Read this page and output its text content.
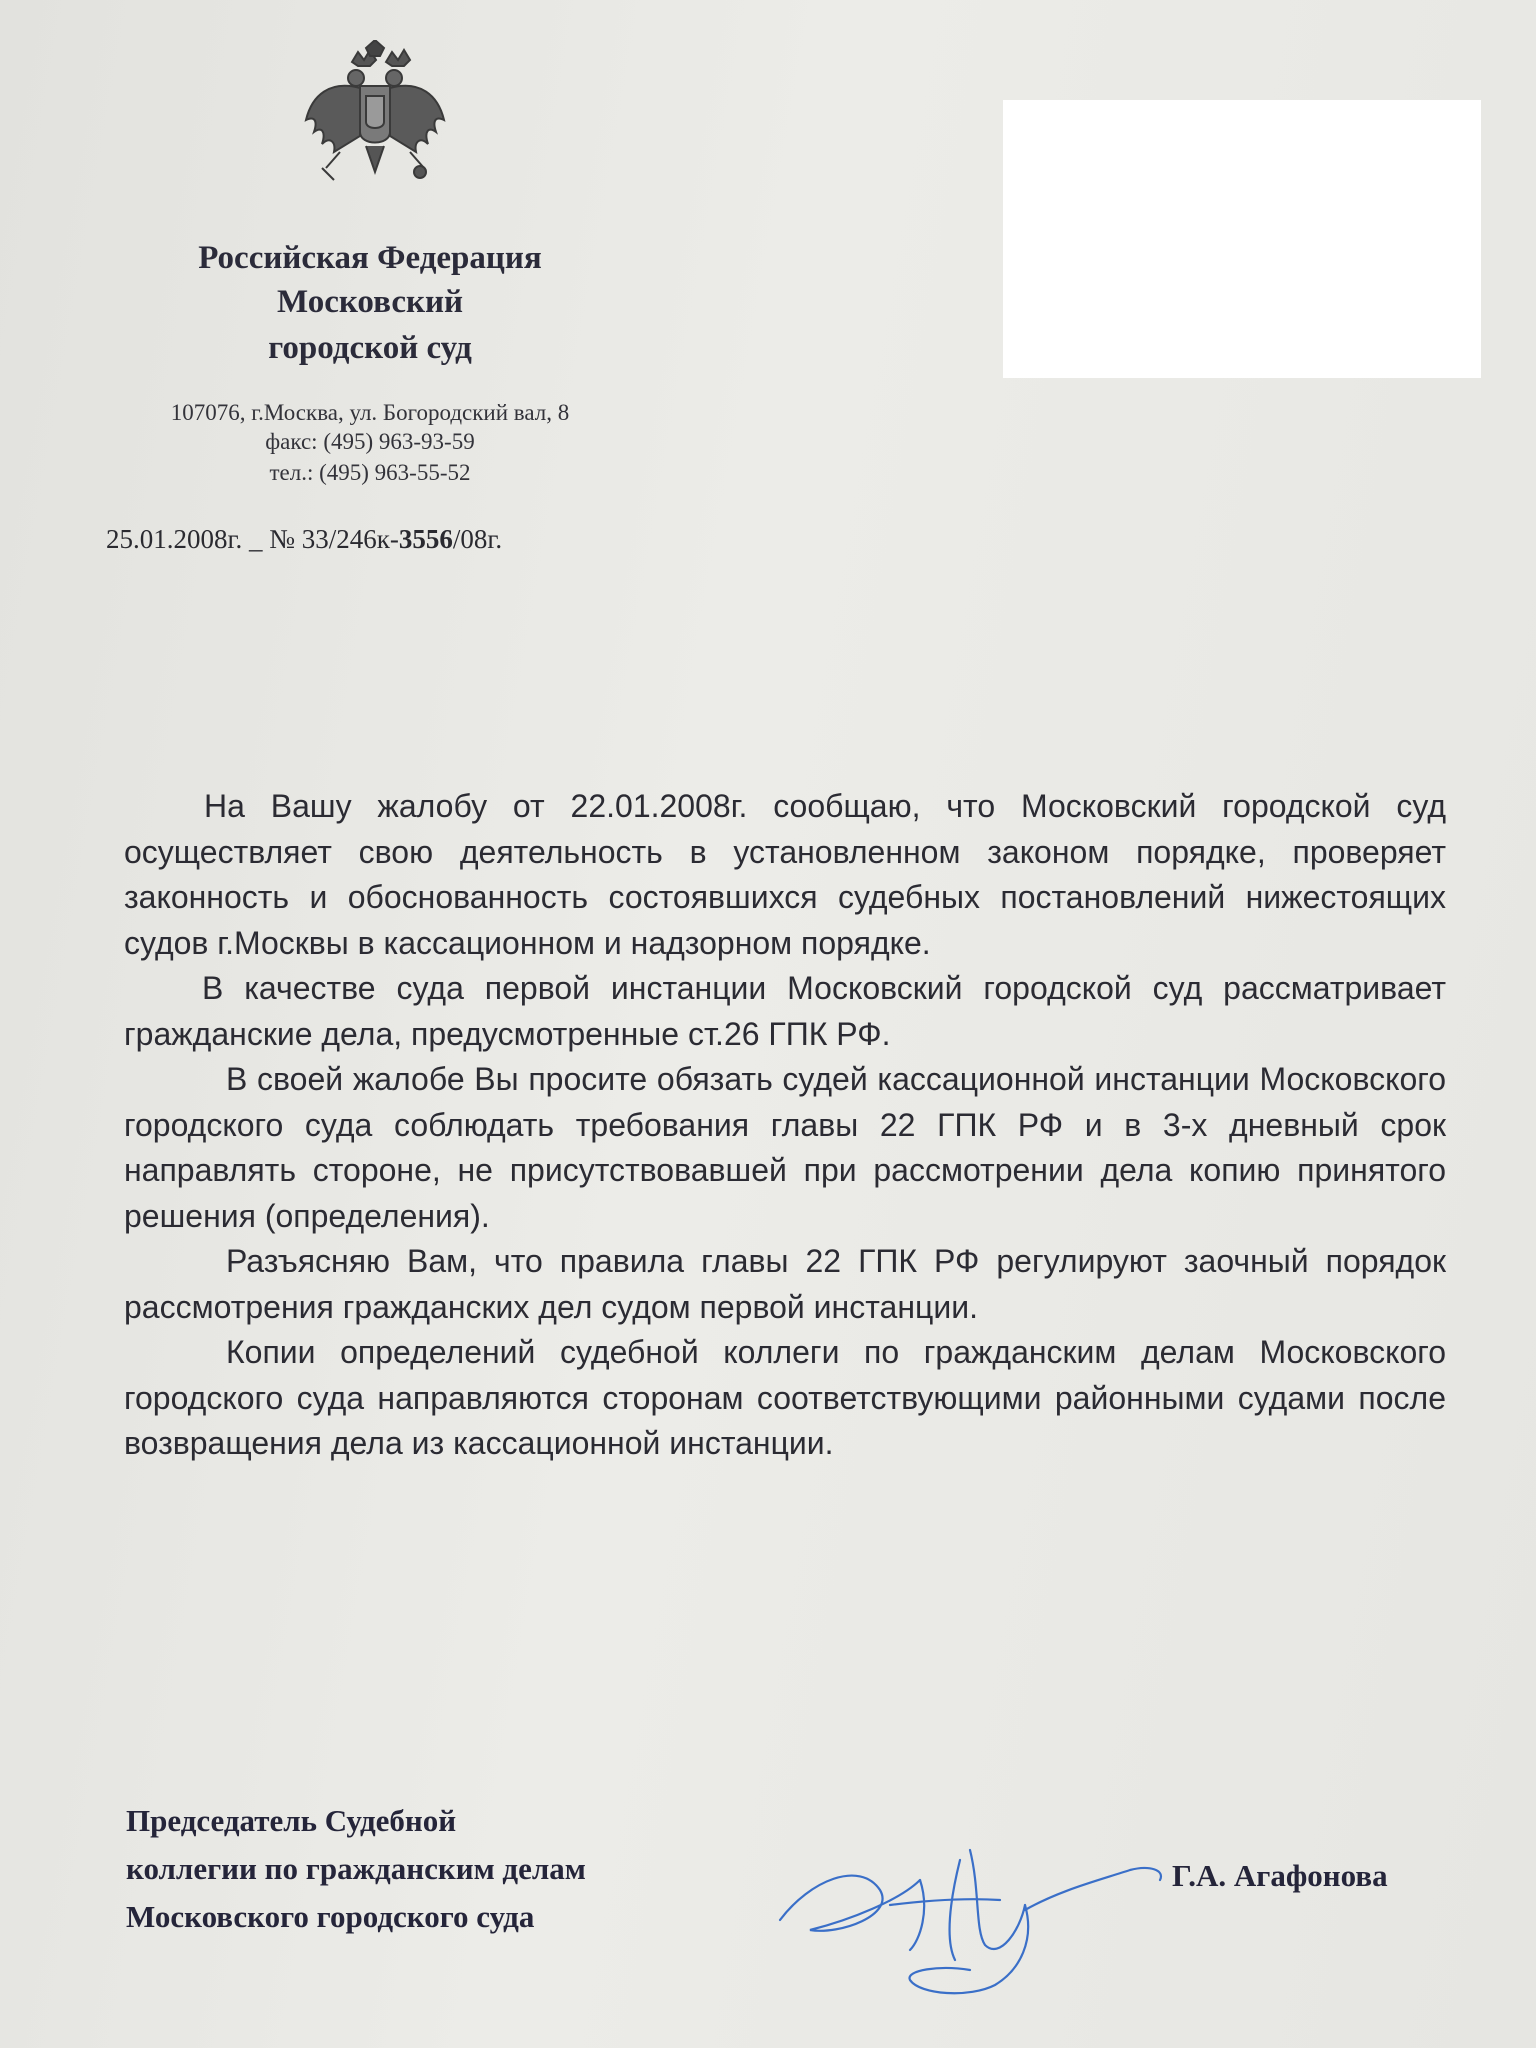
Российская Федерация
Московский
городской суд
107076, г.Москва, ул. Богородский вал, 8
факс: (495) 963-93-59
тел.: (495) 963-55-52
25.01.2008г. _ № 33/246к-3556/08г.

На Вашу жалобу от 22.01.2008г. сообщаю, что Московский городской суд осуществляет свою деятельность в установленном законом порядке, проверяет законность и обоснованность состоявшихся судебных постановлений нижестоящих судов г.Москвы в кассационном и надзорном порядке.

В качестве суда первой инстанции Московский городской суд рассматривает гражданские дела, предусмотренные ст.26 ГПК РФ.

В своей жалобе Вы просите обязать судей кассационной инстанции Московского городского суда соблюдать требования главы 22 ГПК РФ и в 3-х дневный срок направлять стороне, не присутствовавшей при рассмотрении дела копию принятого решения (определения).

Разъясняю Вам, что правила главы 22 ГПК РФ регулируют заочный порядок рассмотрения гражданских дел судом первой инстанции.

Копии определений судебной коллеги по гражданским делам Московского городского суда направляются сторонам соответствующими районными судами после возвращения дела из кассационной инстанции.

Председатель Судебной
коллегии по гражданским делам
Московского городского суда
Г.А. Агафонова
